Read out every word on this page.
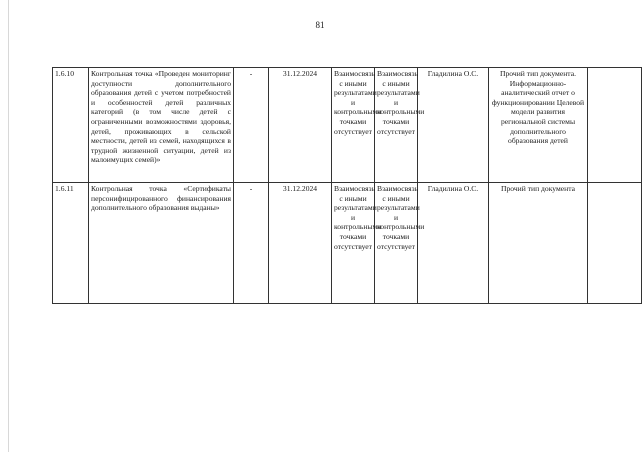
81
1.6.10	Контрольная точка «Проведен мониторинг доступности дополнительного образования детей с учетом потребностей и особенностей детей различных категорий (в том числе детей с ограниченными возможностями здоровья, детей, проживающих в сельской местности, детей из семей, находящихся в трудной жизненной ситуации, детей из малоимущих семей)»	-	31.12.2024	Взаимосвязь с иными результатами и контрольными точками отсутствует	Взаимосвязь с иными результатами и контрольными точками отсутствует	Гладилина О.С.	Прочий тип документа. Информационно-аналитический отчет о функционировании Целевой модели развития региональной системы дополнительного образования детей	
1.6.11	Контрольная точка «Сертификаты персонифицированного финансирования дополнительного образования выданы»	-	31.12.2024	Взаимосвязь с иными результатами и контрольными точками отсутствует	Взаимосвязь с иными результатами и контрольными точками отсутствует	Гладилина О.С.	Прочий тип документа	
